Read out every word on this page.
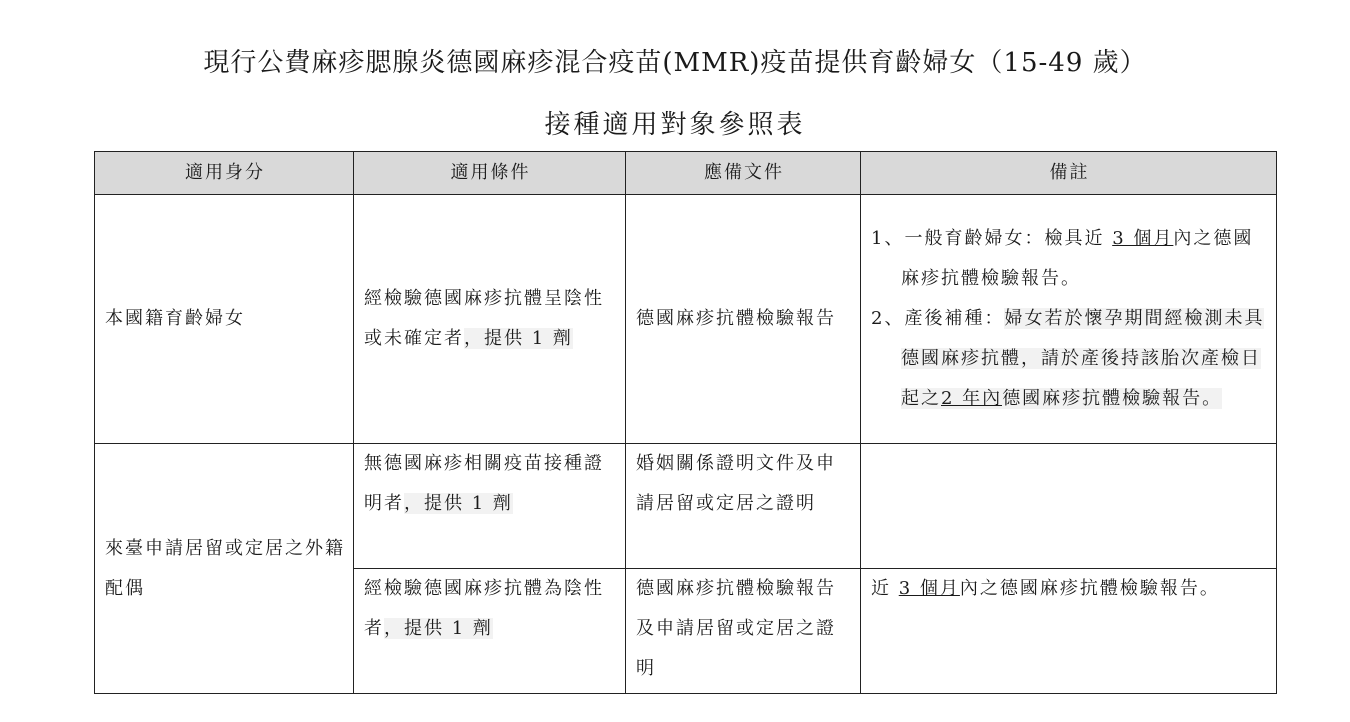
現行公費麻疹腮腺炎德國麻疹混合疫苗(MMR)疫苗提供育齡婦女（15-49 歲）
接種適用對象參照表
適用身分	適用條件	應備文件	備註
本國籍育齡婦女	經檢驗德國麻疹抗體呈陰性或未確定者，提供 1 劑	德國麻疹抗體檢驗報告	1、一般育齡婦女：檢具近 3 個月內之德國麻疹抗體檢驗報告。
2、產後補種：婦女若於懷孕期間經檢測未具德國麻疹抗體，請於產後持該胎次產檢日起之2 年內德國麻疹抗體檢驗報告。

來臺申請居留或定居之外籍配偶	無德國麻疹相關疫苗接種證明者，提供 1 劑	婚姻關係證明文件及申請居留或定居之證明	
	經檢驗德國麻疹抗體為陰性者，提供 1 劑	德國麻疹抗體檢驗報告及申請居留或定居之證明	近 3 個月內之德國麻疹抗體檢驗報告。
